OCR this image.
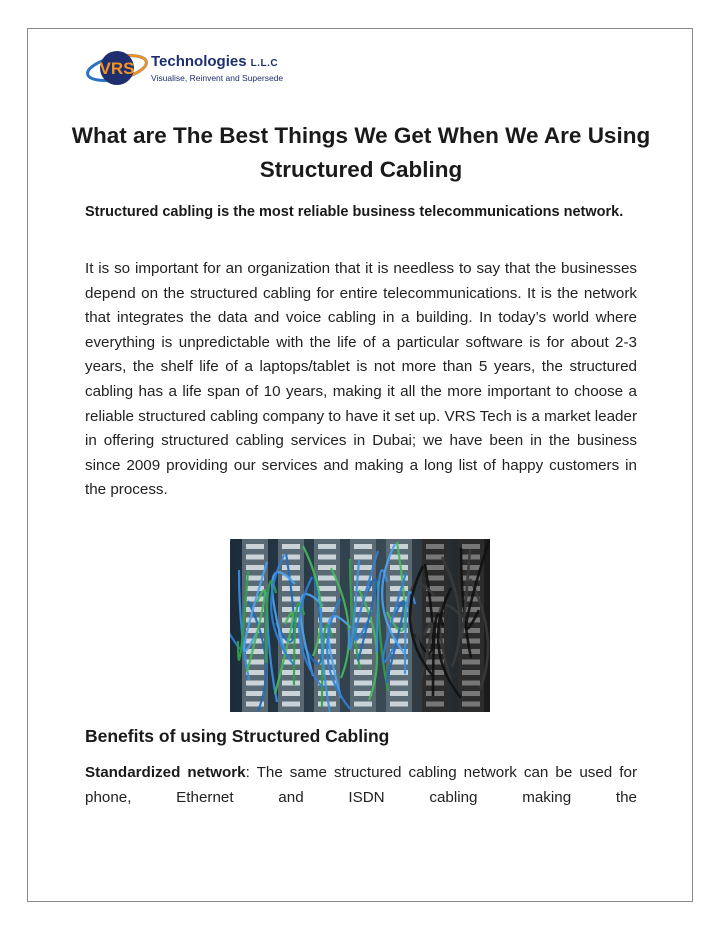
VRS Technologies L.L.C
Visualise, Reinvent and Supersede
What are The Best Things We Get When We Are Using Structured Cabling

Structured cabling is the most reliable business telecommunications network.

It is so important for an organization that it is needless to say that the businesses depend on the structured cabling for entire telecommunications. It is the network that integrates the data and voice cabling in a building. In today’s world where everything is unpredictable with the life of a particular software is for about 2-3 years, the shelf life of a laptops/tablet is not more than 5 years, the structured cabling has a life span of 10 years, making it all the more important to choose a reliable structured cabling company to have it set up. VRS Tech is a market leader in offering structured cabling services in Dubai; we have been in the business since 2009 providing our services and making a long list of happy customers in the process.

Benefits of using Structured Cabling

Standardized network: The same structured cabling network can be used for phone, Ethernet and ISDN cabling making the
